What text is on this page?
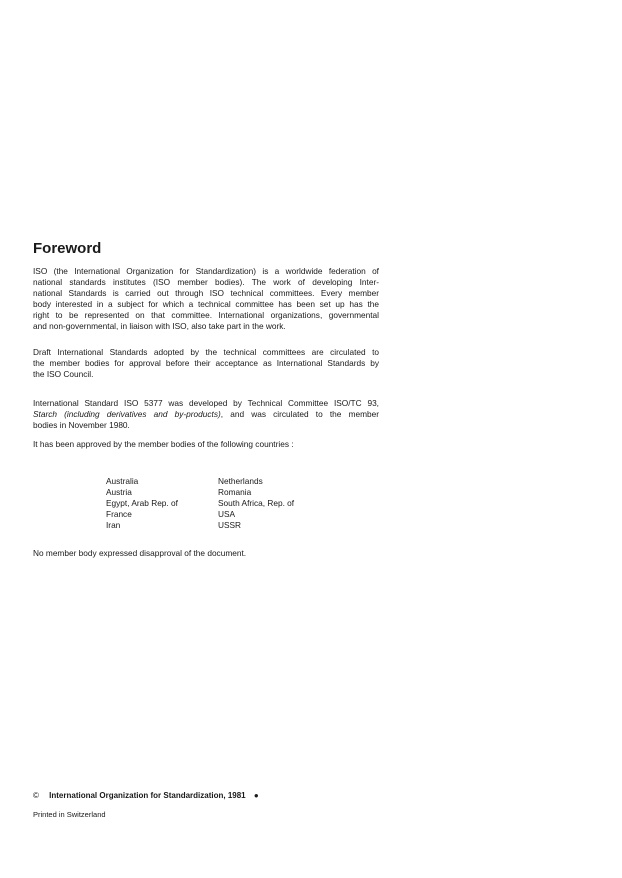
Foreword
ISO (the International Organization for Standardization) is a worldwide federation of
national standards institutes (ISO member bodies). The work of developing Inter-
national Standards is carried out through ISO technical committees. Every member
body interested in a subject for which a technical committee has been set up has the
right to be represented on that committee. International organizations, governmental
and non-governmental, in liaison with ISO, also take part in the work.
Draft International Standards adopted by the technical committees are circulated to
the member bodies for approval before their acceptance as International Standards by
the ISO Council.
International Standard ISO 5377 was developed by Technical Committee ISO/TC 93,
Starch (including derivatives and by-products), and was circulated to the member
bodies in November 1980.
It has been approved by the member bodies of the following countries :
Australia
Austria
Egypt, Arab Rep. of
France
Iran
Netherlands
Romania
South Africa, Rep. of
USA
USSR
No member body expressed disapproval of the document.
© International Organization for Standardization, 1981 ●
Printed in Switzerland
